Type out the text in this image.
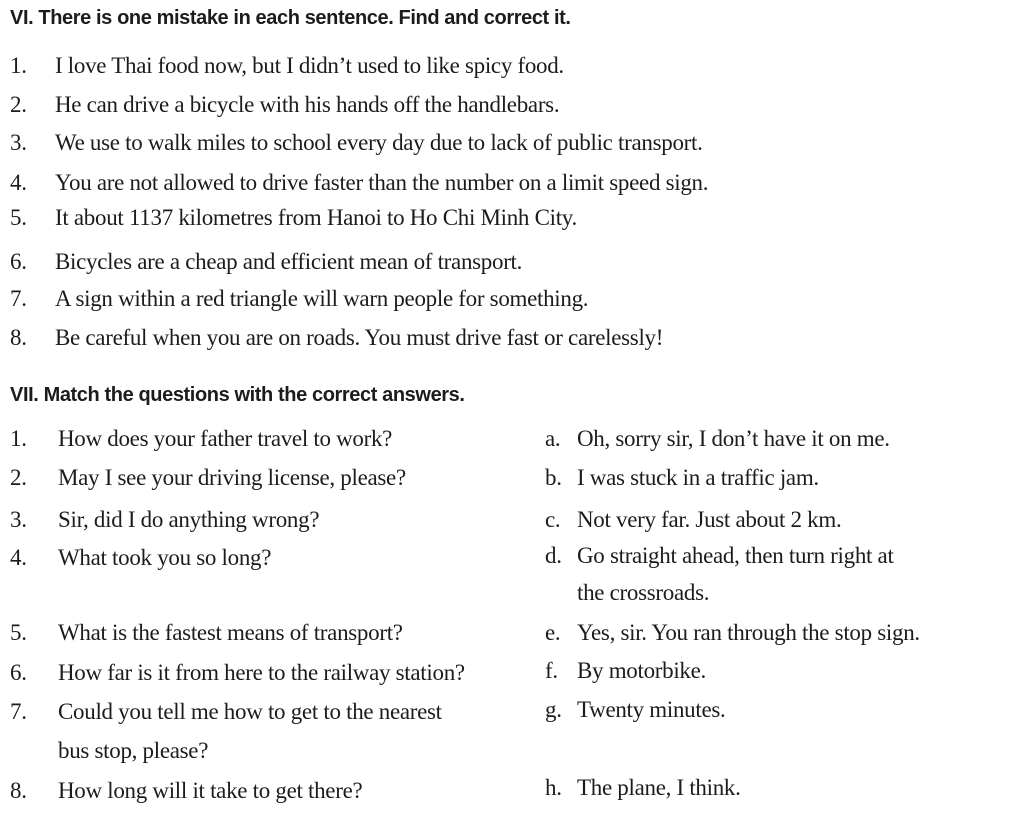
VI. There is one mistake in each sentence. Find and correct it.
1. I love Thai food now, but I didn’t used to like spicy food.
2. He can drive a bicycle with his hands off the handlebars.
3. We use to walk miles to school every day due to lack of public transport.
4. You are not allowed to drive faster than the number on a limit speed sign.
5. It about 1137 kilometres from Hanoi to Ho Chi Minh City.
6. Bicycles are a cheap and efficient mean of transport.
7. A sign within a red triangle will warn people for something.
8. Be careful when you are on roads. You must drive fast or carelessly!
VII. Match the questions with the correct answers.
1. How does your father travel to work?
2. May I see your driving license, please?
3. Sir, did I do anything wrong?
4. What took you so long?
5. What is the fastest means of transport?
6. How far is it from here to the railway station?
7. Could you tell me how to get to the nearest
bus stop, please?
8. How long will it take to get there?
a. Oh, sorry sir, I don’t have it on me.
b. I was stuck in a traffic jam.
c. Not very far. Just about 2 km.
d. Go straight ahead, then turn right at
the crossroads.
e. Yes, sir. You ran through the stop sign.
f. By motorbike.
g. Twenty minutes.
h. The plane, I think.
